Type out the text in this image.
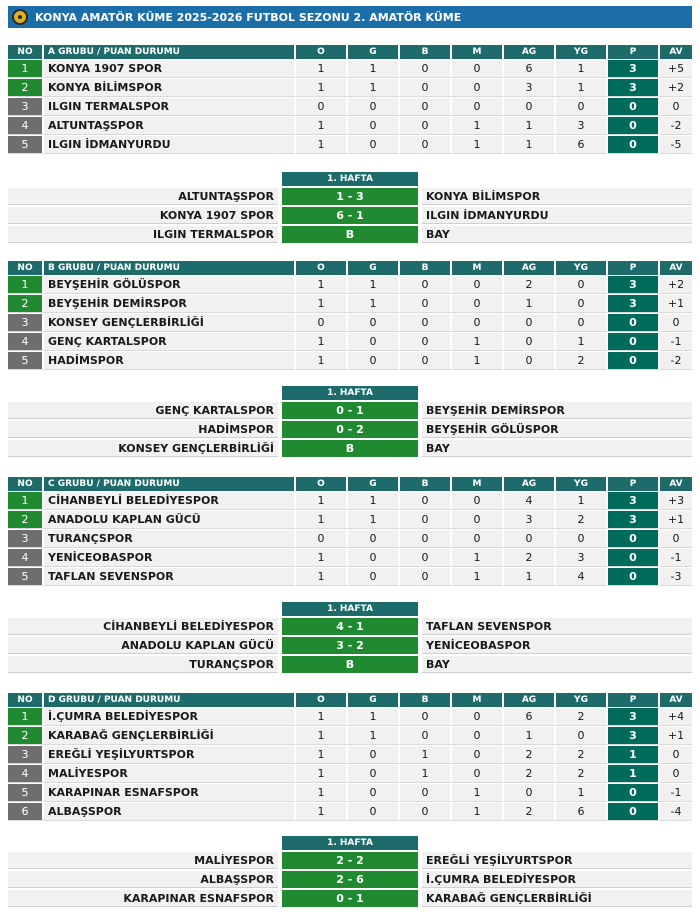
KONYA AMATÖR KÜME 2025-2026 FUTBOL SEZONU 2. AMATÖR KÜME
NO	A GRUBU / PUAN DURUMU	O	G	B	M	AG	YG	P	AV
1	KONYA 1907 SPOR	1	1	0	0	6	1	3	+5
2	KONYA BİLİMSPOR	1	1	0	0	3	1	3	+2
3	ILGIN TERMALSPOR	0	0	0	0	0	0	0	0
4	ALTUNTAŞSPOR	1	0	0	1	1	3	0	-2
5	ILGIN İDMANYURDU	1	0	0	1	1	6	0	-5
1. HAFTA
ALTUNTAŞSPOR	1 - 3	KONYA BİLİMSPOR
KONYA 1907 SPOR	6 - 1	ILGIN İDMANYURDU
ILGIN TERMALSPOR	B	BAY
NO	B GRUBU / PUAN DURUMU	O	G	B	M	AG	YG	P	AV
1	BEYŞEHİR GÖLÜSPOR	1	1	0	0	2	0	3	+2
2	BEYŞEHİR DEMİRSPOR	1	1	0	0	1	0	3	+1
3	KONSEY GENÇLERBİRLİĞİ	0	0	0	0	0	0	0	0
4	GENÇ KARTALSPOR	1	0	0	1	0	1	0	-1
5	HADİMSPOR	1	0	0	1	0	2	0	-2
1. HAFTA
GENÇ KARTALSPOR	0 - 1	BEYŞEHİR DEMİRSPOR
HADİMSPOR	0 - 2	BEYŞEHİR GÖLÜSPOR
KONSEY GENÇLERBİRLİĞİ	B	BAY
NO	C GRUBU / PUAN DURUMU	O	G	B	M	AG	YG	P	AV
1	CİHANBEYLİ BELEDİYESPOR	1	1	0	0	4	1	3	+3
2	ANADOLU KAPLAN GÜCÜ	1	1	0	0	3	2	3	+1
3	TURANÇSPOR	0	0	0	0	0	0	0	0
4	YENİCEOBASPOR	1	0	0	1	2	3	0	-1
5	TAFLAN SEVENSPOR	1	0	0	1	1	4	0	-3
1. HAFTA
CİHANBEYLİ BELEDİYESPOR	4 - 1	TAFLAN SEVENSPOR
ANADOLU KAPLAN GÜCÜ	3 - 2	YENİCEOBASPOR
TURANÇSPOR	B	BAY
NO	D GRUBU / PUAN DURUMU	O	G	B	M	AG	YG	P	AV
1	İ.ÇUMRA BELEDİYESPOR	1	1	0	0	6	2	3	+4
2	KARABAĞ GENÇLERBİRLİĞİ	1	1	0	0	1	0	3	+1
3	EREĞLİ YEŞİLYURTSPOR	1	0	1	0	2	2	1	0
4	MALİYESPOR	1	0	1	0	2	2	1	0
5	KARAPINAR ESNAFSPOR	1	0	0	1	0	1	0	-1
6	ALBAŞSPOR	1	0	0	1	2	6	0	-4
1. HAFTA
MALİYESPOR	2 - 2	EREĞLİ YEŞİLYURTSPOR
ALBAŞSPOR	2 - 6	İ.ÇUMRA BELEDİYESPOR
KARAPINAR ESNAFSPOR	0 - 1	KARABAĞ GENÇLERBİRLİĞİ
